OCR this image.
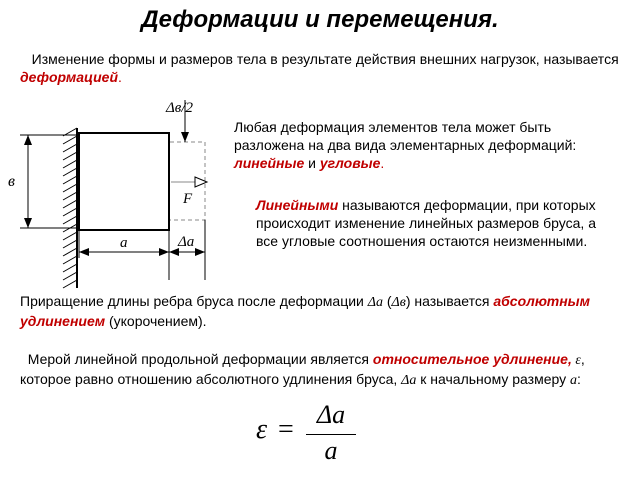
Деформации и перемещения.
Изменение формы и размеров тела в результате действия внешних нагрузок, называется деформацией.
Δв/2
в
F
Δa
a
Любая деформация элементов тела может быть разложена на два вида элементарных деформаций: линейные и угловые.
Линейными называются деформации, при которых происходит изменение линейных размеров бруса, а все угловые соотношения остаются неизменными.
Приращение длины ребра бруса после деформации Δa (Δв) называется абсолютным удлинением (укорочением).
Мерой линейной продольной деформации является относительное удлинение, ε, которое равно отношению абсолютного удлинения бруса, Δa к начальному размеру a:
ε = Δa
a
